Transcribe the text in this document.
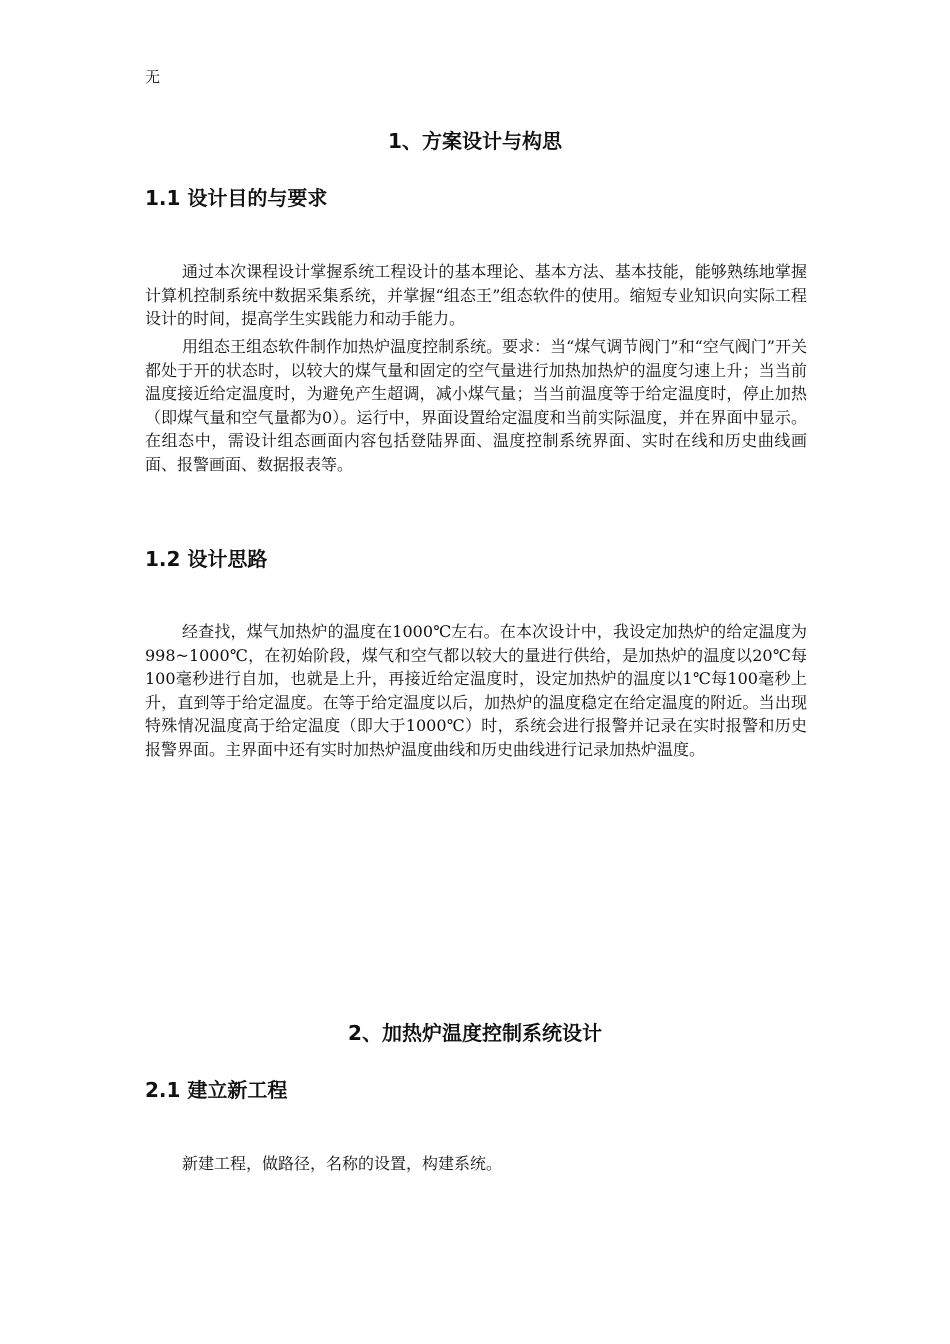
无
1、方案设计与构思
1.1 设计目的与要求
通过本次课程设计掌握系统工程设计的基本理论、基本方法、基本技能，能够熟练地掌握计算机控制系统中数据采集系统，并掌握“组态王”组态软件的使用。缩短专业知识向实际工程设计的时间，提高学生实践能力和动手能力。
用组态王组态软件制作加热炉温度控制系统。要求：当“煤气调节阀门”和“空气阀门”开关都处于开的状态时，以较大的煤气量和固定的空气量进行加热加热炉的温度匀速上升；当当前温度接近给定温度时，为避免产生超调，减小煤气量；当当前温度等于给定温度时，停止加热（即煤气量和空气量都为0）。运行中，界面设置给定温度和当前实际温度，并在界面中显示。在组态中，需设计组态画面内容包括登陆界面、温度控制系统界面、实时在线和历史曲线画面、报警画面、数据报表等。
1.2 设计思路
经查找，煤气加热炉的温度在1000℃左右。在本次设计中，我设定加热炉的给定温度为998~1000℃，在初始阶段，煤气和空气都以较大的量进行供给，是加热炉的温度以20℃每100毫秒进行自加，也就是上升，再接近给定温度时，设定加热炉的温度以1℃每100毫秒上升，直到等于给定温度。在等于给定温度以后，加热炉的温度稳定在给定温度的附近。当出现特殊情况温度高于给定温度（即大于1000℃）时，系统会进行报警并记录在实时报警和历史报警界面。主界面中还有实时加热炉温度曲线和历史曲线进行记录加热炉温度。
2、加热炉温度控制系统设计
2.1 建立新工程
新建工程，做路径，名称的设置，构建系统。
